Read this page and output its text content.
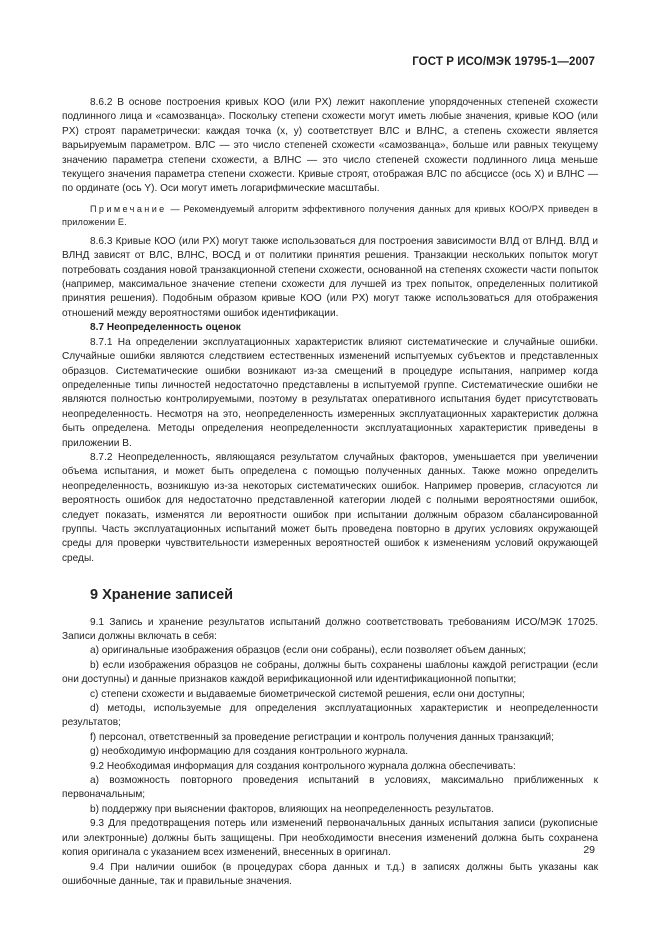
ГОСТ Р ИСО/МЭК 19795-1—2007

8.6.2 В основе построения кривых КОО (или PX) лежит накопление упорядоченных степеней схожести подлинного лица и «самозванца». Поскольку степени схожести могут иметь любые значения, кривые КОО (или PX) строят параметрически: каждая точка (x, y) соответствует ВЛС и ВЛНС, а степень схожести является варьируемым параметром. ВЛС — это число степеней схожести «самозванца», больше или равных текущему значению параметра степени схожести, а ВЛНС — это число степеней схожести подлинного лица меньше текущего значения параметра степени схожести. Кривые строят, отображая ВЛС по абсциссе (ось X) и ВЛНС — по ординате (ось Y). Оси могут иметь логарифмические масштабы.

Примечание — Рекомендуемый алгоритм эффективного получения данных для кривых КОО/PX приведен в приложении Е.

8.6.3 Кривые КОО (или PX) могут также использоваться для построения зависимости ВЛД от ВЛНД. ВЛД и ВЛНД зависят от ВЛС, ВЛНС, ВОСД и от политики принятия решения. Транзакции нескольких попыток могут потребовать создания новой транзакционной степени схожести, основанной на степенях схожести части попыток (например, максимальное значение степени схожести для лучшей из трех попыток, определенных политикой принятия решения). Подобным образом кривые КОО (или PX) могут также использоваться для отображения отношений между вероятностями ошибок идентификации.

8.7 Неопределенность оценок

8.7.1 На определении эксплуатационных характеристик влияют систематические и случайные ошибки. Случайные ошибки являются следствием естественных изменений испытуемых субъектов и представленных образцов. Систематические ошибки возникают из-за смещений в процедуре испытания, например когда определенные типы личностей недостаточно представлены в испытуемой группе. Систематические ошибки не являются полностью контролируемыми, поэтому в результатах оперативного испытания будет присутствовать неопределенность. Несмотря на это, неопределенность измеренных эксплуатационных характеристик должна быть определена. Методы определения неопределенности эксплуатационных характеристик приведены в приложении В.

8.7.2 Неопределенность, являющаяся результатом случайных факторов, уменьшается при увеличении объема испытания, и может быть определена с помощью полученных данных. Также можно определить неопределенность, возникшую из-за некоторых систематических ошибок. Например проверив, сглаcуются ли вероятность ошибок для недостаточно представленной категории людей с полными вероятностями ошибок, следует показать, изменятся ли вероятности ошибок при испытании должным образом сбалансированной группы. Часть эксплуатационных испытаний может быть проведена повторно в других условиях окружающей среды для проверки чувствительности измеренных вероятностей ошибок к изменениям условий окружающей среды.

9 Хранение записей

9.1 Запись и хранение результатов испытаний должно соответствовать требованиям ИСО/МЭК 17025. Записи должны включать в себя:

a) оригинальные изображения образцов (если они собраны), если позволяет объем данных;

b) если изображения образцов не собраны, должны быть сохранены шаблоны каждой регистрации (если они доступны) и данные признаков каждой верификационной или идентификационной попытки;

c) степени схожести и выдаваемые биометрической системой решения, если они доступны;

d) методы, используемые для определения эксплуатационных характеристик и неопределенности результатов;

f) персонал, ответственный за проведение регистрации и контроль получения данных транзакций;

g) необходимую информацию для создания контрольного журнала.

9.2 Необходимая информация для создания контрольного журнала должна обеспечивать:

a) возможность повторного проведения испытаний в условиях, максимально приближенных к первоначальным;

b) поддержку при выяснении факторов, влияющих на неопределенность результатов.

9.3 Для предотвращения потерь или изменений первоначальных данных испытания записи (рукописные или электронные) должны быть защищены. При необходимости внесения изменений должна быть сохранена копия оригинала с указанием всех изменений, внесенных в оригинал.

9.4 При наличии ошибок (в процедурах сбора данных и т.д.) в записях должны быть указаны как ошибочные данные, так и правильные значения.

29
